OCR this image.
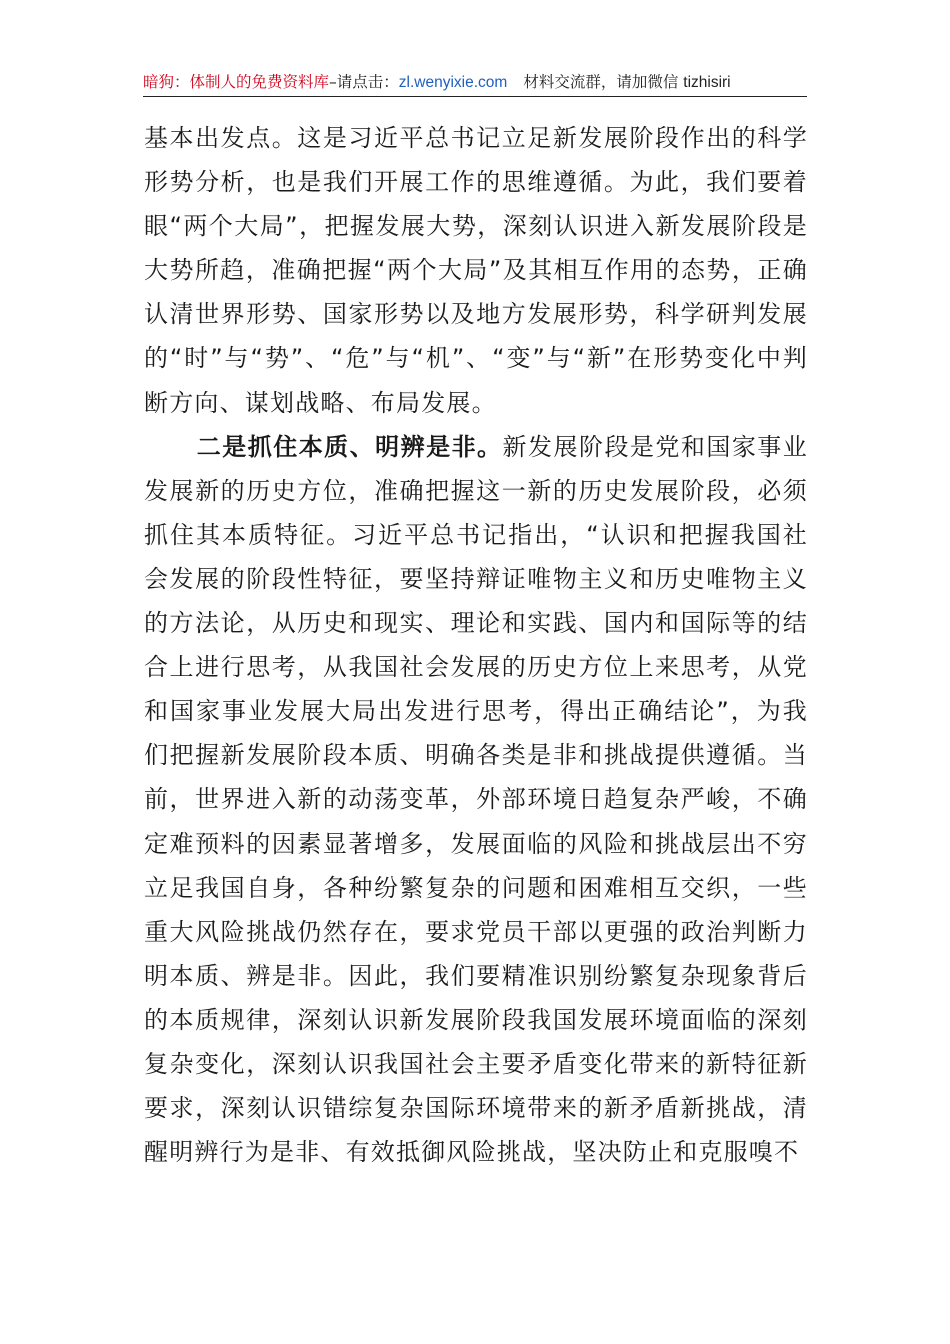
暗狗：体制人的免费资料库–请点击：zl.wenyixie.com 材料交流群，请加微信 tizhisiri

基本出发点。这是习近平总书记立足新发展阶段作出的科学形势分析，也是我们开展工作的思维遵循。为此，我们要着眼“两个大局”，把握发展大势，深刻认识进入新发展阶段是大势所趋，准确把握“两个大局”及其相互作用的态势，正确认清世界形势、国家形势以及地方发展形势，科学研判发展的“时”与“势”、“危”与“机”、“变”与“新”在形势变化中判断方向、谋划战略、布局发展。

二是抓住本质、明辨是非。新发展阶段是党和国家事业发展新的历史方位，准确把握这一新的历史发展阶段，必须抓住其本质特征。习近平总书记指出，“认识和把握我国社会发展的阶段性特征，要坚持辩证唯物主义和历史唯物主义的方法论，从历史和现实、理论和实践、国内和国际等的结合上进行思考，从我国社会发展的历史方位上来思考，从党和国家事业发展大局出发进行思考，得出正确结论”，为我们把握新发展阶段本质、明确各类是非和挑战提供遵循。当前，世界进入新的动荡变革，外部环境日趋复杂严峻，不确定难预料的因素显著增多，发展面临的风险和挑战层出不穷立足我国自身，各种纷繁复杂的问题和困难相互交织，一些重大风险挑战仍然存在，要求党员干部以更强的政治判断力明本质、辨是非。因此，我们要精准识别纷繁复杂现象背后的本质规律，深刻认识新发展阶段我国发展环境面临的深刻复杂变化，深刻认识我国社会主要矛盾变化带来的新特征新要求，深刻认识错综复杂国际环境带来的新矛盾新挑战，清醒明辨行为是非、有效抵御风险挑战，坚决防止和克服嗅不
